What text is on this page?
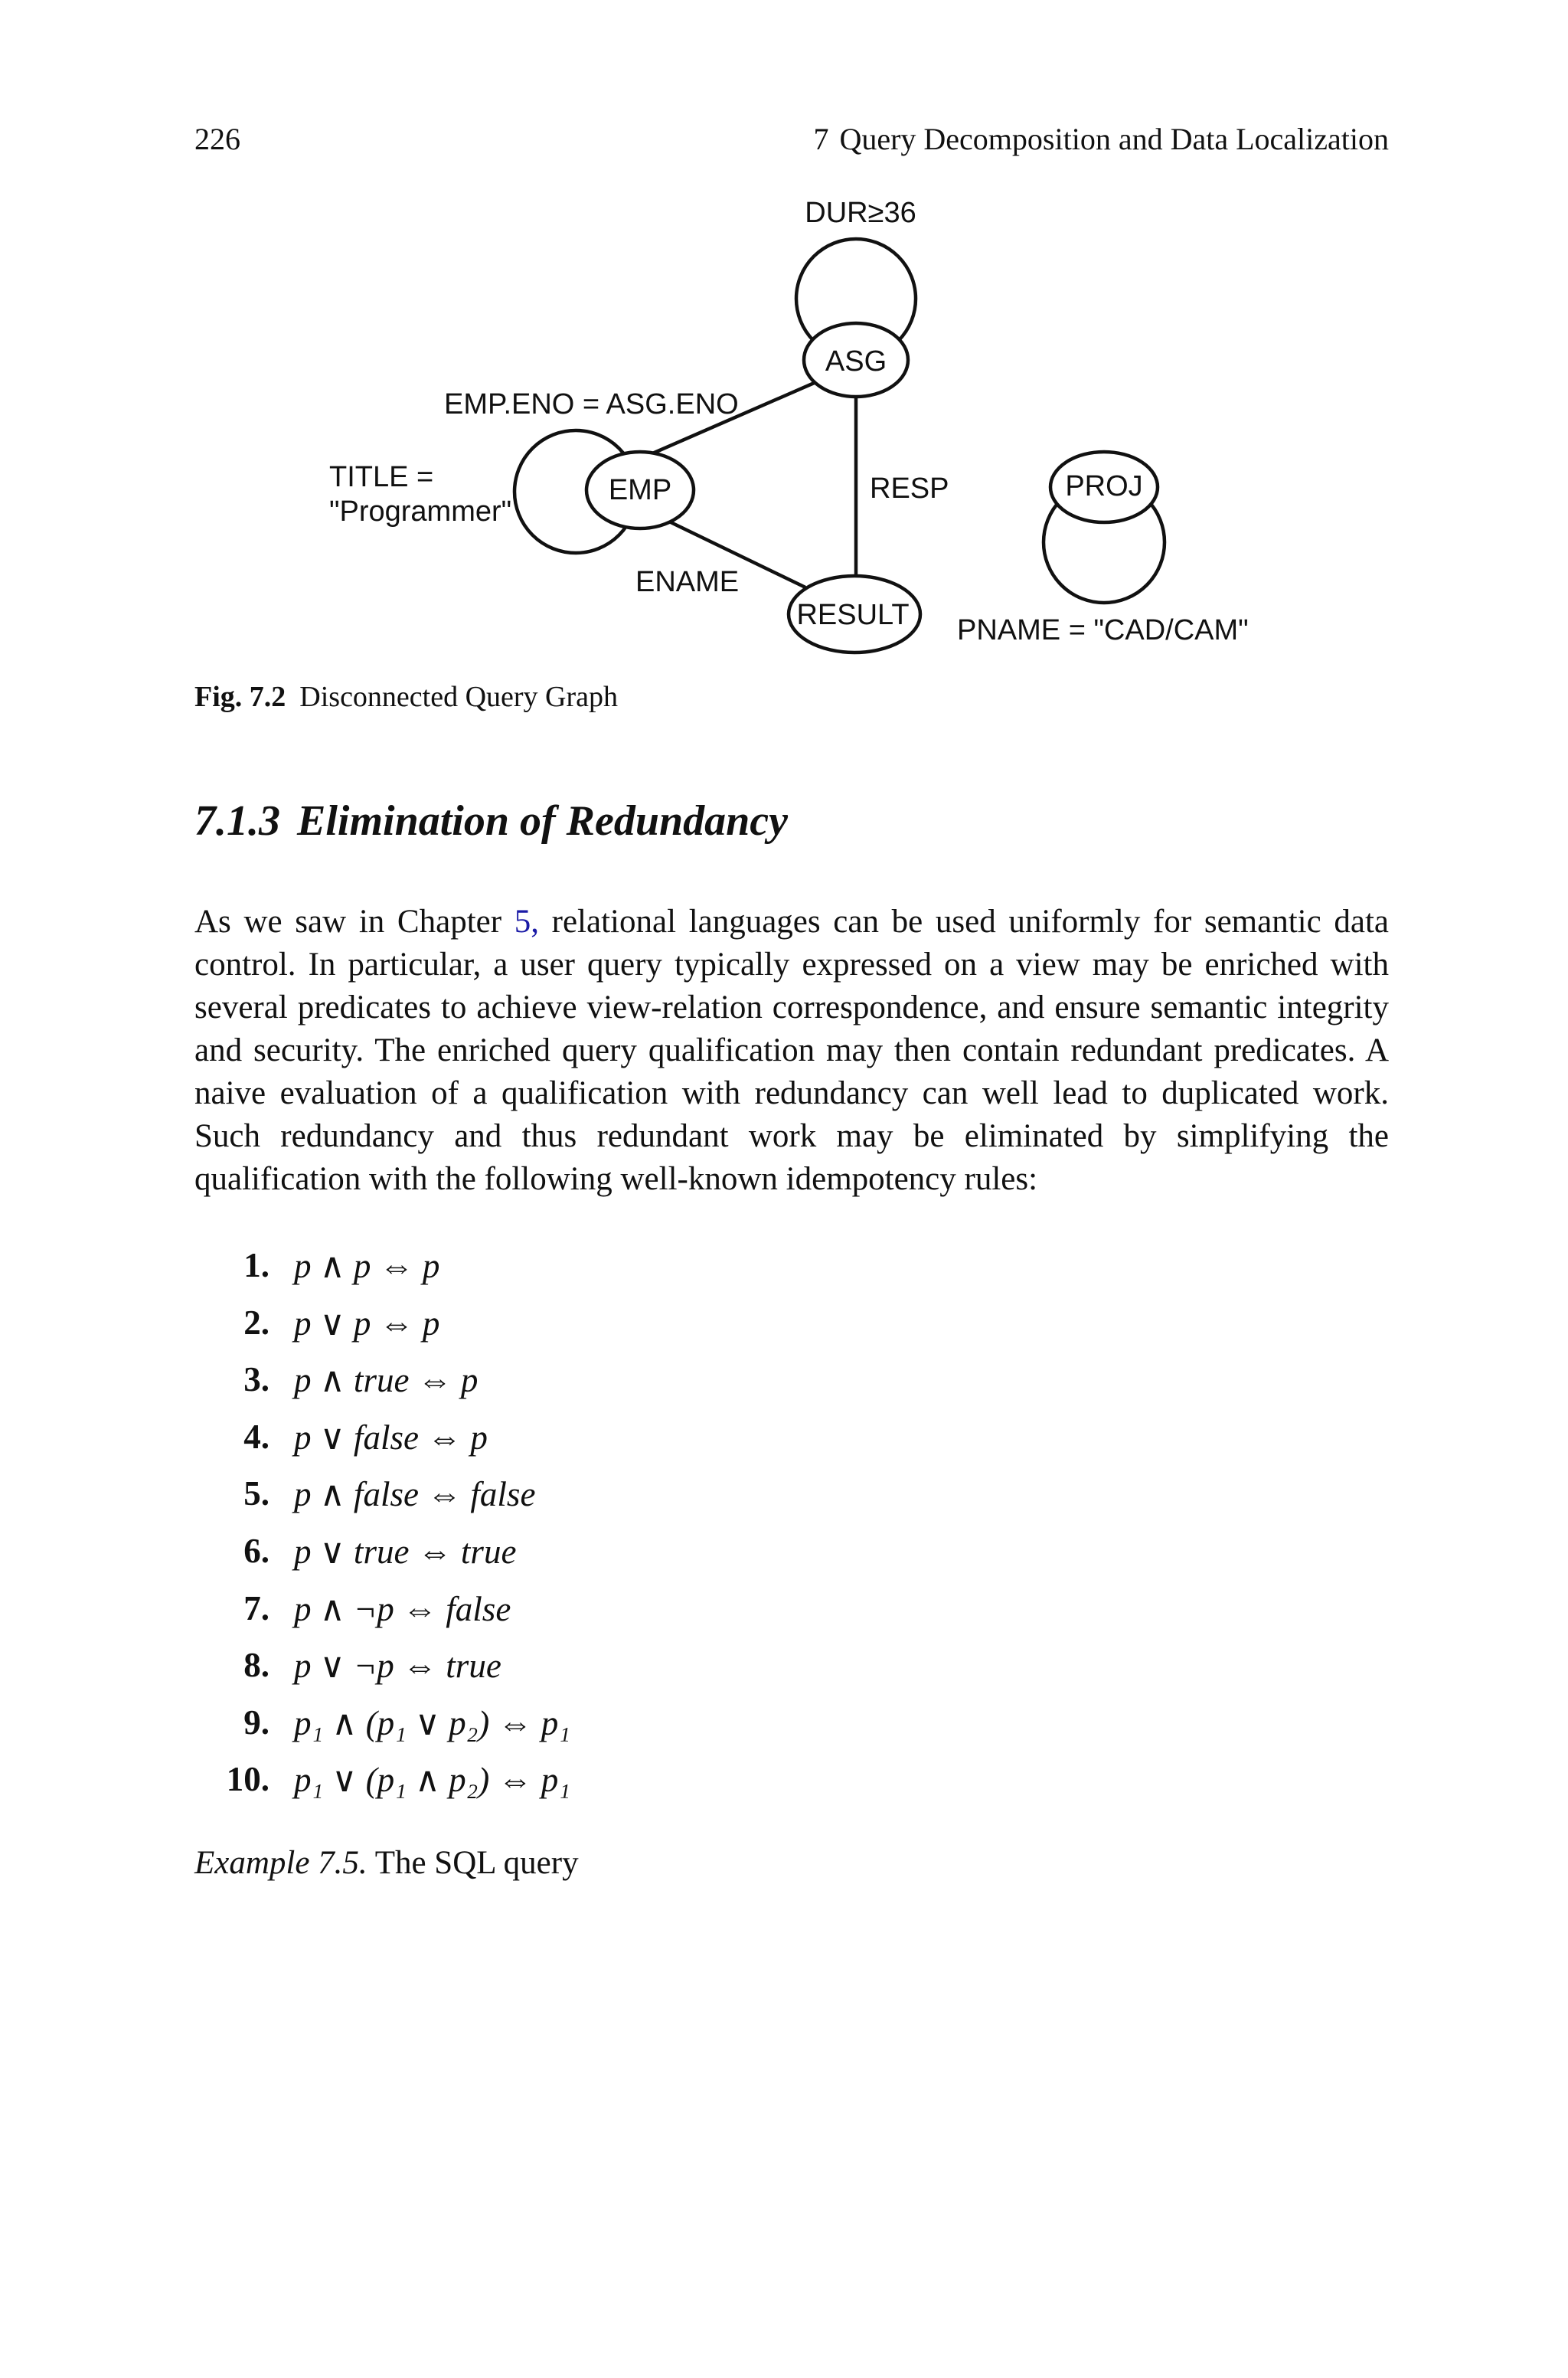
226	7 Query Decomposition and Data Localization
DUR≥36
ASG
EMP
RESULT
PROJ
EMP.ENO = ASG.ENO
TITLE =
"Programmer"
RESP
ENAME
PNAME = "CAD/CAM"
Fig. 7.2 Disconnected Query Graph
7.1.3 Elimination of Redundancy

As we saw in Chapter 5, relational languages can be used uniformly for semantic data control. In particular, a user query typically expressed on a view may be enriched with several predicates to achieve view-relation correspondence, and ensure semantic integrity and security. The enriched query qualification may then contain redundant predicates. A naive evaluation of a qualification with redundancy can well lead to duplicated work. Such redundancy and thus redundant work may be eliminated by simplifying the qualification with the following well-known idempotency rules:

1. p ∧ p ⇔ p
2. p ∨ p ⇔ p
3. p ∧ true ⇔ p
4. p ∨ false ⇔ p
5. p ∧ false ⇔ false
6. p ∨ true ⇔ true
7. p ∧ ¬p ⇔ false
8. p ∨ ¬p ⇔ true
9. p₁ ∧ (p₁ ∨ p₂) ⇔ p₁
10. p₁ ∨ (p₁ ∧ p₂) ⇔ p₁
Example 7.5. The SQL query
